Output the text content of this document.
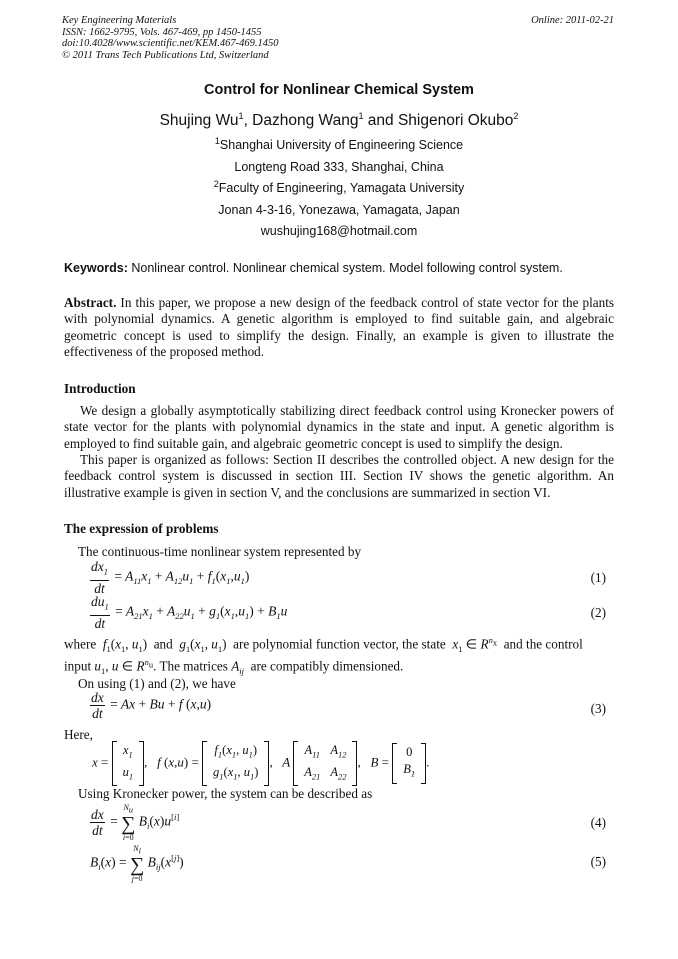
Key Engineering Materials
ISSN: 1662-9795, Vols. 467-469, pp 1450-1455
doi:10.4028/www.scientific.net/KEM.467-469.1450
© 2011 Trans Tech Publications Ltd, Switzerland
Online: 2011-02-21
Control for Nonlinear Chemical System
Shujing Wu$^1$, Dazhong Wang$^1$ and Shigenori Okubo$^2$
$^1$Shanghai University of Engineering Science
Longteng Road 333, Shanghai, China
$^2$Faculty of Engineering, Yamagata University
Jonan 4-3-16, Yonezawa, Yamagata, Japan
wushujing168@hotmail.com
Keywords: Nonlinear control. Nonlinear chemical system. Model following control system.
Abstract. In this paper, we propose a new design of the feedback control of state vector for the plants with polynomial dynamics. A genetic algorithm is employed to find suitable gain, and algebraic geometric concept is used to simplify the design. Finally, an example is given to illustrate the effectiveness of the proposed method.
Introduction
We design a globally asymptotically stabilizing direct feedback control using Kronecker powers of state vector for the plants with polynomial dynamics in the state and input. A genetic algorithm is employed to find suitable gain, and algebraic geometric concept is used to simplify the design.
This paper is organized as follows: Section II describes the controlled object. A new design for the feedback control system is discussed in section III. Section IV shows the genetic algorithm. An illustrative example is given in section V, and the conclusions are summarized in section VI.
The expression of problems
The continuous-time nonlinear system represented by
$\frac{dx_1}{dt} = A_{11}x_1 + A_{12}u_1 + f_1(x_1,u_1)$	(1)
$\frac{du_1}{dt} = A_{21}x_1 + A_{22}u_1 + g_1(x_1,u_1) + B_1u$	(2)
where $f_1(x_1$, $u_1$)  and $g_1(x_1$, $u_1$)  are polynomial function vector, the state $x_1$ ∈ $R^{n_x}$ and the control
input $u_1$, u ∈ $R^{n_u}$. The matrices $A_{ij}$ are compatibly dimensioned.
On using (1) and (2), we have
$\frac{dx}{dt} = Ax + Bu + f$ (x,u)	(3)
Here,
x =
$x_1$
$u_1$
,   f (x,u) =
$f_1(x_1$, $u_1$)
$g_1(x_1$, $u_1$)
,   A
$A_{11}$	$A_{12}$
$A_{21}$	$A_{22}$
,   B =
0
$B_1$
.
Using Kronecker power, the system can be described as
$\frac{dx}{dt}$ =
$N_u$
∑
i=0
$B_i(x)u[i]$	(4)
$B_i(x)$ =
$N_i$
∑
j=0
$B_{ij}(x[j])$	(5)
